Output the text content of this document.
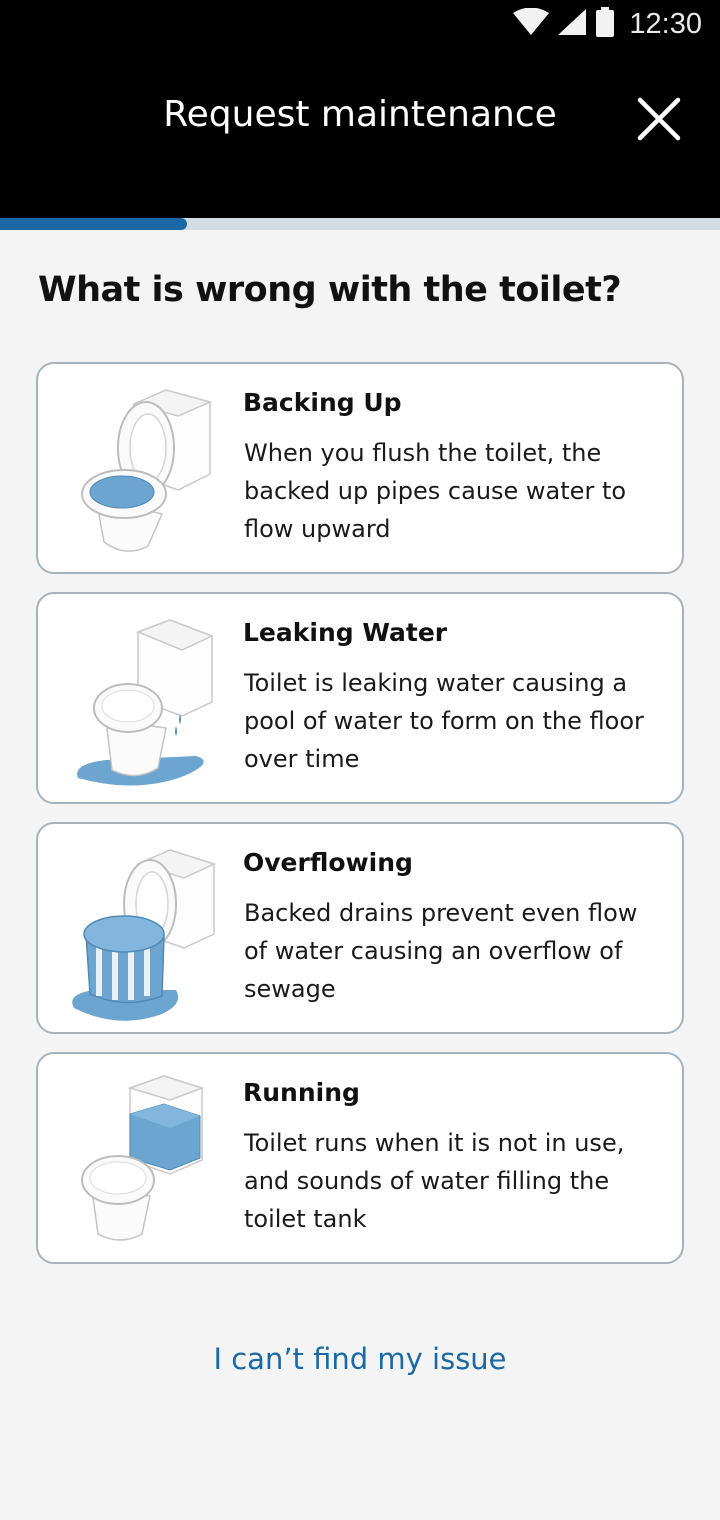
12:30
Request maintenance
What is wrong with the toilet?
Backing Up
When you flush the toilet, the backed up pipes cause water to flow upward
Leaking Water
Toilet is leaking water causing a pool of water to form on the floor over time
Overflowing
Backed drains prevent even flow of water causing an overflow of sewage
Running
Toilet runs when it is not in use, and sounds of water filling the toilet tank
I can’t find my issue
